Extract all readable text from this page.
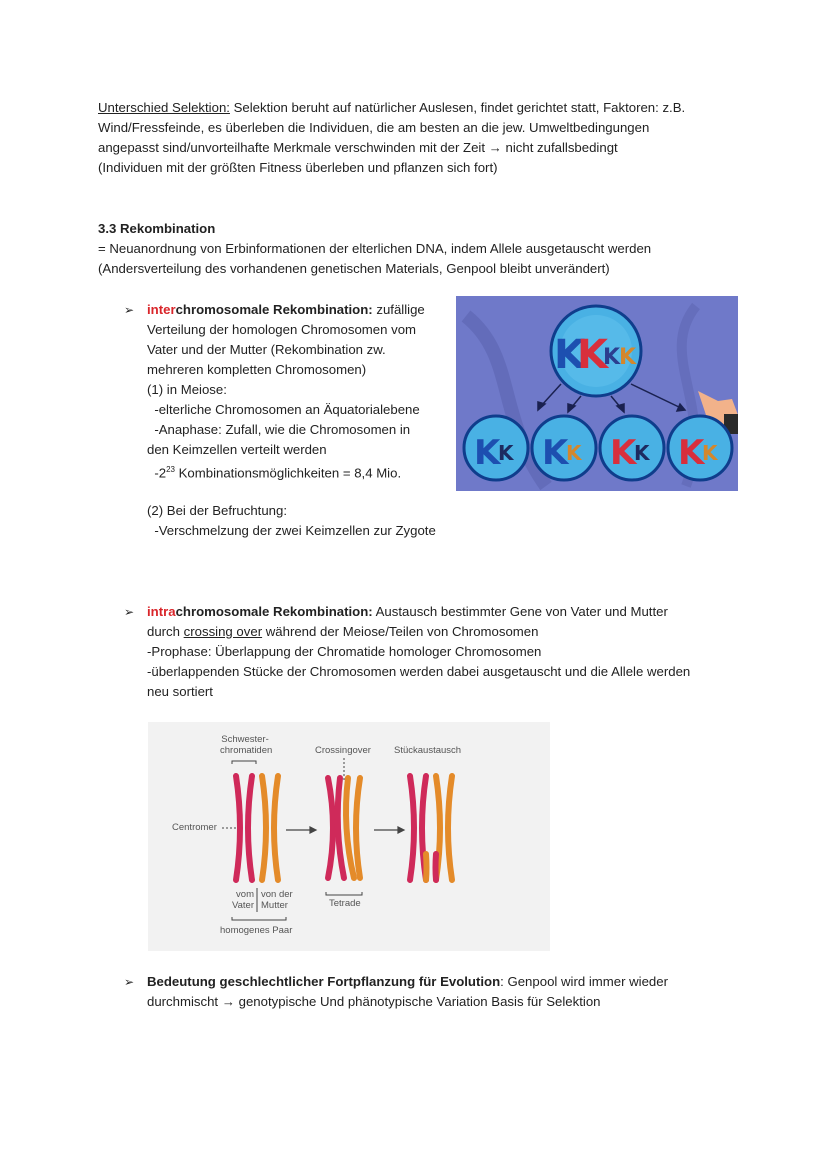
Unterschied Selektion: Selektion beruht auf natürlicher Auslesen, findet gerichtet statt, Faktoren: z.B.
Wind/Fressfeinde, es überleben die Individuen, die am besten an die jew. Umweltbedingungen
angepasst sind/unvorteilhafte Merkmale verschwinden mit der Zeit → nicht zufallsbedingt
(Individuen mit der größten Fitness überleben und pflanzen sich fort)
3.3 Rekombination
= Neuanordnung von Erbinformationen der elterlichen DNA, indem Allele ausgetauscht werden
(Andersverteilung des vorhandenen genetischen Materials, Genpool bleibt unverändert)
➢ interchromosomale Rekombination: zufällige
Verteilung der homologen Chromosomen vom
Vater und der Mutter (Rekombination zw.
mehreren kompletten Chromosomen)
(1) in Meiose:
-elterliche Chromosomen an Äquatorialebene
-Anaphase: Zufall, wie die Chromosomen in
den Keimzellen verteilt werden
$-2^{23}$ Kombinationsmöglichkeiten = 8,4 Mio.
(2) Bei der Befruchtung:
-Verschmelzung der zwei Keimzellen zur Zygote
K
K
K
K
K
K K
K K
K K
K
➢ intrachromosomale Rekombination: Austausch bestimmter Gene von Vater und Mutter
durch crossing over während der Meiose/Teilen von Chromosomen
-Prophase: Überlappung der Chromatide homologer Chromosomen
-überlappenden Stücke der Chromosomen werden dabei ausgetauscht und die Allele werden
neu sortiert
Schwester-
chromatiden	Crossingover Stückaustausch
Centromer
vom
Vater
von der
Mutter	Tetrade
homogenes Paar
➢ Bedeutung geschlechtlicher Fortpflanzung für Evolution: Genpool wird immer wieder
durchmischt → genotypische Und phänotypische Variation Basis für Selektion
